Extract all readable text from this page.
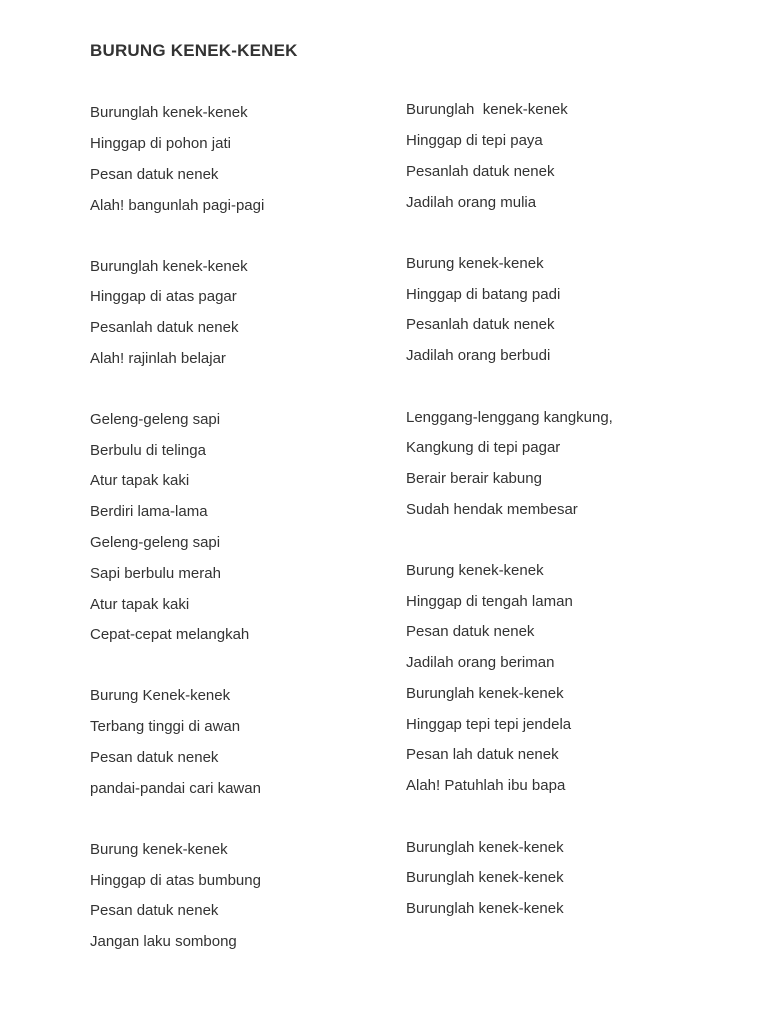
BURUNG KENEK-KENEK
Burunglah kenek-kenek
Hinggap di pohon jati
Pesan datuk nenek
Alah! bangunlah pagi-pagi
Burunglah kenek-kenek
Hinggap di atas pagar
Pesanlah datuk nenek
Alah! rajinlah belajar
Geleng-geleng sapi
Berbulu di telinga
Atur tapak kaki
Berdiri lama-lama
Geleng-geleng sapi
Sapi berbulu merah
Atur tapak kaki
Cepat-cepat melangkah
Burung Kenek-kenek
Terbang tinggi di awan
Pesan datuk nenek
pandai-pandai cari kawan
Burung kenek-kenek
Hinggap di atas bumbung
Pesan datuk nenek
Jangan laku sombong
Burunglah  kenek-kenek
Hinggap di tepi paya
Pesanlah datuk nenek
Jadilah orang mulia
Burung kenek-kenek
Hinggap di batang padi
Pesanlah datuk nenek
Jadilah orang berbudi
Lenggang-lenggang kangkung,
Kangkung di tepi pagar
Berair berair kabung
Sudah hendak membesar
Burung kenek-kenek
Hinggap di tengah laman
Pesan datuk nenek
Jadilah orang beriman
Burunglah kenek-kenek
Hinggap tepi tepi jendela
Pesan lah datuk nenek
Alah! Patuhlah ibu bapa
Burunglah kenek-kenek
Burunglah kenek-kenek
Burunglah kenek-kenek
